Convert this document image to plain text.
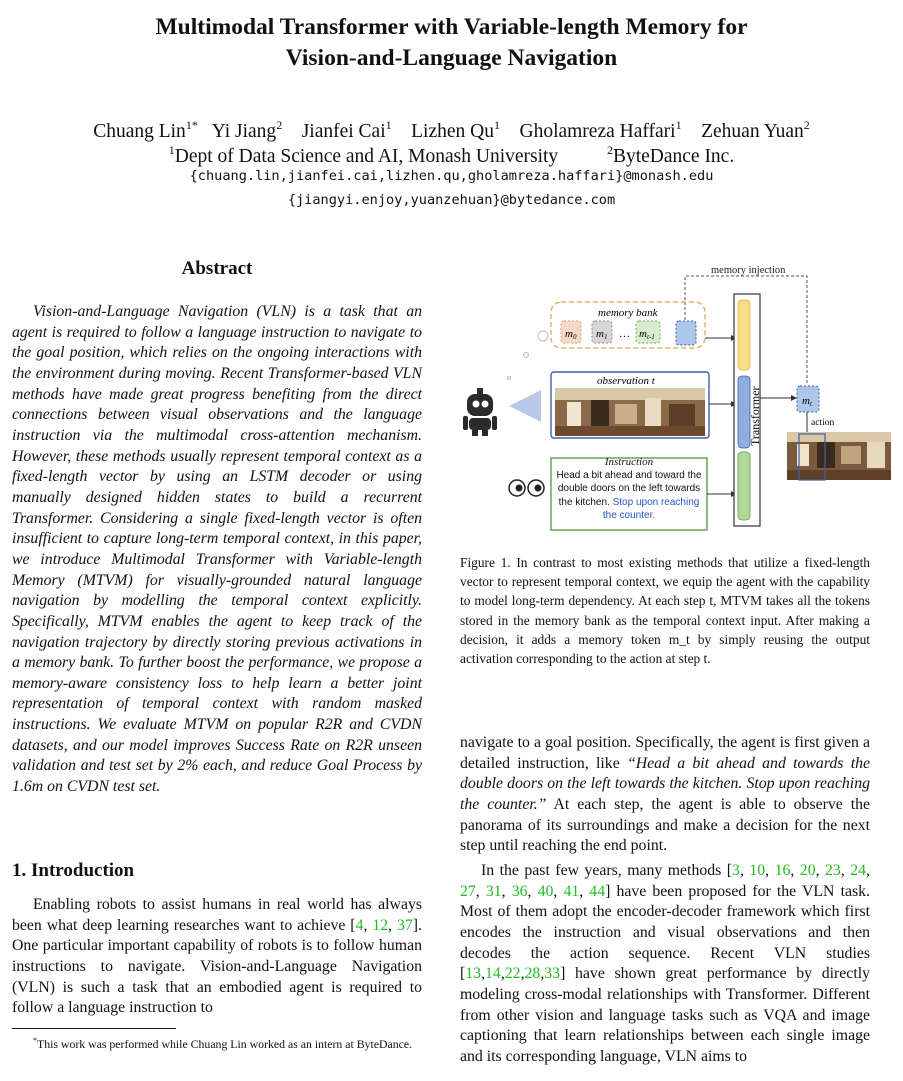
Multimodal Transformer with Variable-length Memory for
Vision-and-Language Navigation
Chuang Lin$^{1*}$ Yi Jiang$^2$ Jianfei Cai$^1$ Lizhen Qu$^1$ Gholamreza Haffari$^1$ Zehuan Yuan$^2$
$^1$Dept of Data Science and AI, Monash University	$^2$ByteDance Inc.
{chuang.lin,jianfei.cai,lizhen.qu,gholamreza.haffari}@monash.edu
{jiangyi.enjoy,yuanzehuan}@bytedance.com
Abstract

Vision-and-Language Navigation (VLN) is a task that an agent is required to follow a language instruction to navigate to the goal position, which relies on the ongoing interactions with the environment during moving. Recent Transformer-based VLN methods have made great progress benefiting from the direct connections between visual observations and the language instruction via the multimodal cross-attention mechanism. However, these methods usually represent temporal context as a fixed-length vector by using an LSTM decoder or using manually designed hidden states to build a recurrent Transformer. Considering a single fixed-length vector is often insufficient to capture long-term temporal context, in this paper, we introduce Multimodal Transformer with Variable-length Memory (MTVM) for visually-grounded natural language navigation by modelling the temporal context explicitly. Specifically, MTVM enables the agent to keep track of the navigation trajectory by directly storing previous activations in a memory bank. To further boost the performance, we propose a memory-aware consistency loss to help learn a better joint representation of temporal context with random masked instructions. We evaluate MTVM on popular R2R and CVDN datasets, and our model improves Success Rate on R2R unseen validation and test set by 2% each, and reduce Goal Process by 1.6m on CVDN test set.

1. Introduction

Enabling robots to assist humans in real world has always been what deep learning researches want to achieve [4, 12, 37]. One particular important capability of robots is to follow human instructions to navigate. Vision-and-Language Navigation (VLN) is such a task that an embodied agent is required to follow a language instruction to

*This work was performed while Chuang Lin worked as an intern at ByteDance.

navigate to a goal position. Specifically, the agent is first given a detailed instruction, like “Head a bit ahead and towards the double doors on the left towards the kitchen. Stop upon reaching the counter.” At each step, the agent is able to observe the panorama of its surroundings and make a decision for the next step until reaching the end point.

In the past few years, many methods [3, 10, 16, 20, 23, 24, 27, 31, 36, 40, 41, 44] have been proposed for the VLN task. Most of them adopt the encoder-decoder framework which first encodes the instruction and visual observations and then decodes the action sequence. Recent VLN studies [13,14,22,28,33] have shown great performance by directly modeling cross-modal relationships with Transformer. Different from other vision and language tasks such as VQA and image captioning that learn relationships between each single image and its corresponding language, VLN aims to

memory injection
memory bank
m0 m1 … mt-1
observation t
Instruction
Head a bit ahead and toward the double doors on the left towards the kitchen. Stop upon reaching the counter.
Transformer	mt
action

Figure 1. In contrast to most existing methods that utilize a fixed-length vector to represent temporal context, we equip the agent with the capability to model long-term dependency. At each step t, MTVM takes all the tokens stored in the memory bank as the temporal context input. After making a decision, it adds a memory token m_t by simply reusing the output activation corresponding to the action at step t.
